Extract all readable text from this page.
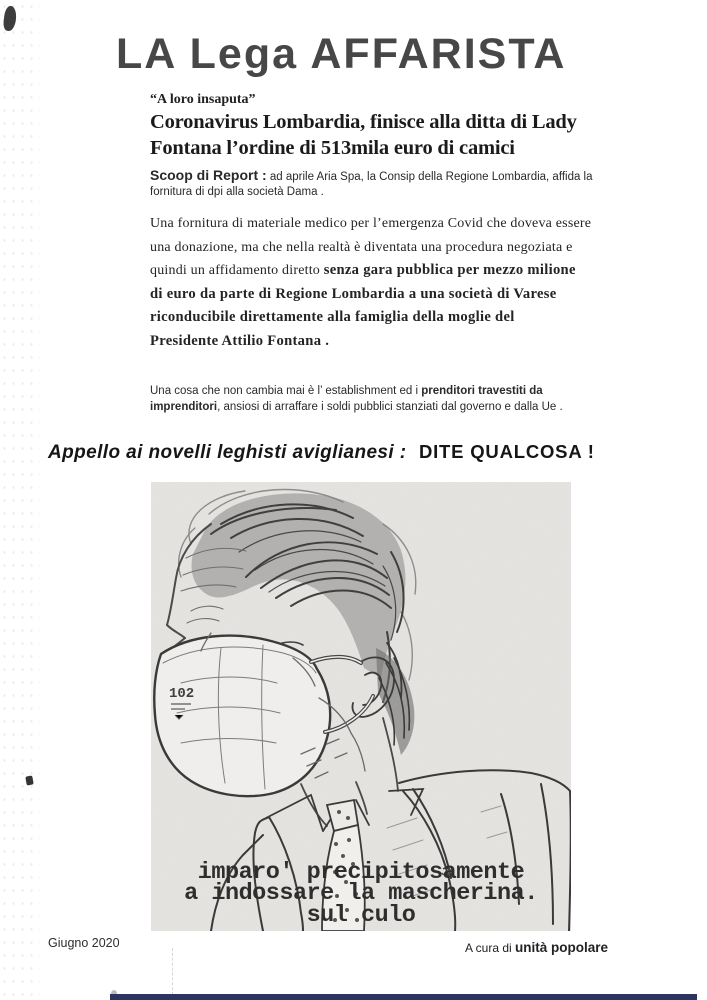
LA Lega AFFARISTA
“A loro insaputa”
Coronavirus Lombardia, finisce alla ditta di Lady Fontana l’ordine di 513mila euro di camici
Scoop di Report : ad aprile Aria Spa, la Consip della Regione Lombardia, affida la
fornitura di dpi alla società Dama .
Una fornitura di materiale medico per l’emergenza Covid che doveva essere
una donazione, ma che nella realtà è diventata una procedura negoziata e
quindi un affidamento diretto senza gara pubblica per mezzo milione
di euro da parte di Regione Lombardia a una società di Varese
riconducibile direttamente alla famiglia della moglie del
Presidente Attilio Fontana .
Una cosa che non cambia mai è l’ establishment ed i prenditori travestiti da
imprenditori, ansiosi di arraffare i soldi pubblici stanziati dal governo e dalla Ue .
Appello ai novelli leghisti aviglianesi : DITE QUALCOSA !
102
imparo' precipitosamente
a indossare la mascherina.
sul culo
Giugno 2020	A cura di unità popolare
